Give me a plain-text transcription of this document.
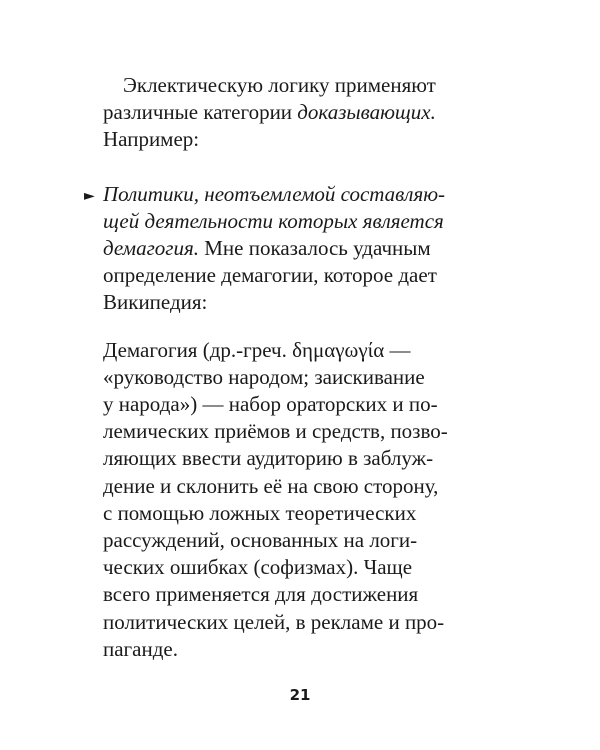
Эклектическую логику применяют
различные категории доказывающих.
Например:
► Политики, неотъемлемой составляю-
щей деятельности которых является
демагогия. Мне показалось удачным
определение демагогии, которое дает
Википедия:
Демагогия (др.-греч. δημαγωγία —
«руководство народом; заискивание
у народа») — набор ораторских и по-
лемических приёмов и средств, позво-
ляющих ввести аудиторию в заблуж-
дение и склонить её на свою сторону,
с помощью ложных теоретических
рассуждений, основанных на логи-
ческих ошибках (софизмах). Чаще
всего применяется для достижения
политических целей, в рекламе и про-
паганде.
21
